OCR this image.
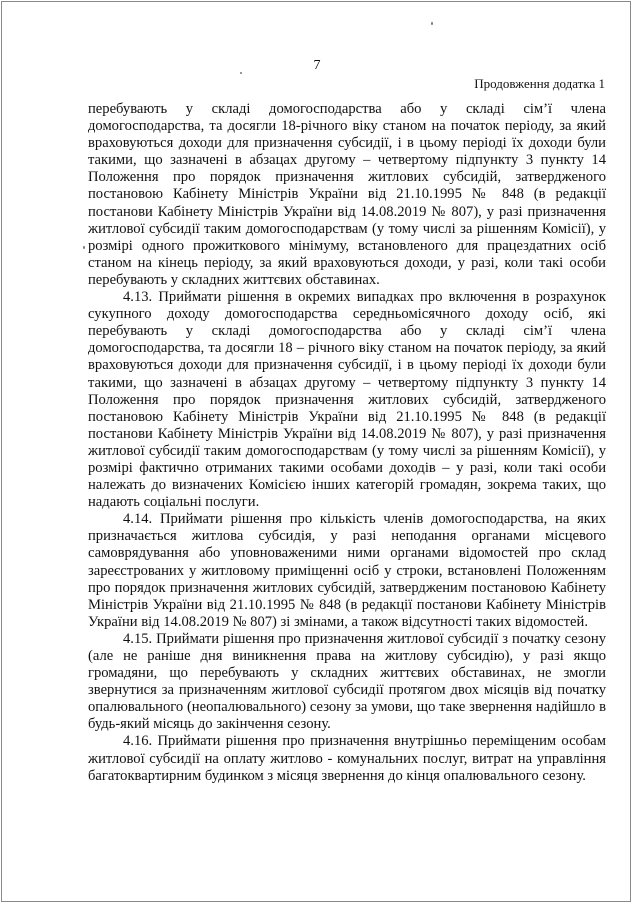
7
Продовження додатка 1

перебувають у складі домогосподарства або у складі сім’ї члена домогосподарства, та досягли 18-річного віку станом на початок періоду, за який враховуються доходи для призначення субсидії, і в цьому періоді їх доходи були такими, що зазначені в абзацах другому – четвертому підпункту 3 пункту 14 Положення про порядок призначення житлових субсидій, затвердженого постановою Кабінету Міністрів України від 21.10.1995 № 848 (в редакції постанови Кабінету Міністрів України від 14.08.2019 № 807), у разі призначення житлової субсидії таким домогосподарствам (у тому числі за рішенням Комісії), у розмірі одного прожиткового мінімуму, встановленого для працездатних осіб станом на кінець періоду, за який враховуються доходи, у разі, коли такі особи перебувають у складних життєвих обставинах.

4.13. Приймати рішення в окремих випадках про включення в розрахунок сукупного доходу домогосподарства середньомісячного доходу осіб, які перебувають у складі домогосподарства або у складі сім’ї члена домогосподарства, та досягли 18 – річного віку станом на початок періоду, за який враховуються доходи для призначення субсидії, і в цьому періоді їх доходи були такими, що зазначені в абзацах другому – четвертому підпункту 3 пункту 14 Положення про порядок призначення житлових субсидій, затвердженого постановою Кабінету Міністрів України від 21.10.1995 № 848 (в редакції постанови Кабінету Міністрів України від 14.08.2019 № 807), у разі призначення житлової субсидії таким домогосподарствам (у тому числі за рішенням Комісії), у розмірі фактично отриманих такими особами доходів – у разі, коли такі особи належать до визначених Комісією інших категорій громадян, зокрема таких, що надають соціальні послуги.

4.14. Приймати рішення про кількість членів домогосподарства, на яких призначається житлова субсидія, у разі неподання органами місцевого самоврядування або уповноваженими ними органами відомостей про склад зареєстрованих у житловому приміщенні осіб у строки, встановлені Положенням про порядок призначення житлових субсидій, затвердженим постановою Кабінету Міністрів України від 21.10.1995 № 848 (в редакції постанови Кабінету Міністрів України від 14.08.2019 № 807) зі змінами, а також відсутності таких відомостей.

4.15. Приймати рішення про призначення житлової субсидії з початку сезону (але не раніше дня виникнення права на житлову субсидію), у разі якщо громадяни, що перебувають у складних життєвих обставинах, не змогли звернутися за призначенням житлової субсидії протягом двох місяців від початку опалювального (неопалювального) сезону за умови, що таке звернення надійшло в будь-який місяць до закінчення сезону.

4.16. Приймати рішення про призначення внутрішньо переміщеним особам житлової субсидії на оплату житлово - комунальних послуг, витрат на управління багатоквартирним будинком з місяця звернення до кінця опалювального сезону.
